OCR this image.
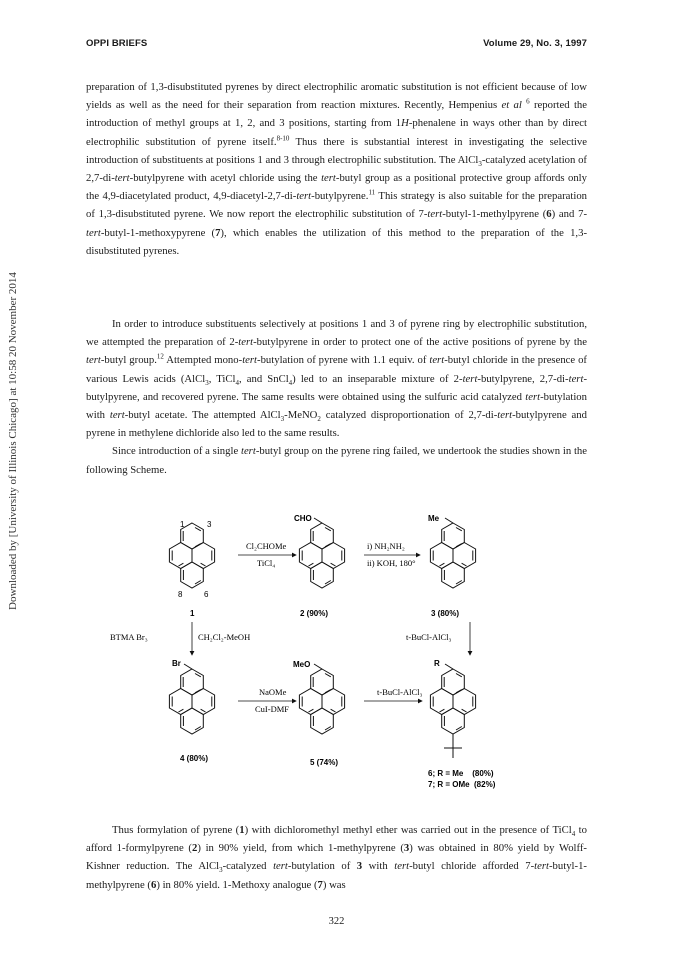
OPPI BRIEFS	Volume 29, No. 3, 1997
Downloaded by [University of Illinois Chicago] at 10:58 20 November 2014

preparation of 1,3-disubstituted pyrenes by direct electrophilic aromatic substitution is not efficient because of low yields as well as the need for their separation from reaction mixtures. Recently, Hempenius et al $^6$ reported the introduction of methyl groups at 1, 2, and 3 positions, starting from 1H-phenalene in ways other than by direct electrophilic substitution of pyrene itself.$^{8-10}$ Thus there is substantial interest in investigating the selective introduction of substituents at positions 1 and 3 through electrophilic substitution. The AlCl$_3$-catalyzed acetylation of 2,7-di-tert-butylpyrene with acetyl chloride using the tert-butyl group as a positional protective group affords only the 4,9-diacetylated product, 4,9-diacetyl-2,7-di-tert-butylpyrene.$^{11}$ This strategy is also suitable for the preparation of 1,3-disubstituted pyrene. We now report the electrophilic substitution of 7-tert-butyl-1-methylpyrene (6) and 7-tert-butyl-1-methoxypyrene (7), which enables the utilization of this method to the preparation of the 1,3-disubstituted pyrenes.

In order to introduce substituents selectively at positions 1 and 3 of pyrene ring by electrophilic substitution, we attempted the preparation of 2-tert-butylpyrene in order to protect one of the active positions of pyrene by the tert-butyl group.$^{12}$ Attempted mono-tert-butylation of pyrene with 1.1 equiv. of tert-butyl chloride in the presence of various Lewis acids (AlCl$_3$, TiCl$_4$, and SnCl$_4$) led to an inseparable mixture of 2-tert-butylpyrene, 2,7-di-tert-butylpyrene, and recovered pyrene. The same results were obtained using the sulfuric acid catalyzed tert-butylation with tert-butyl acetate. The attempted AlCl$_3$-MeNO$_2$ catalyzed disproportionation of 2,7-di-tert-butylpyrene and pyrene in methylene dichloride also led to the same results.

Since introduction of a single tert-butyl group on the pyrene ring failed, we undertook the studies shown in the following Scheme.

1	3
8	6
1
Cl₂CHOMe
TiCl₄
CHO
2 (90%)
i) NH₂NH₂
ii) KOH, 180°
Me
3 (80%)
BTMA Br₃	CH₂Cl₂-MeOH	t-BuCl-AlCl₃
Br
4 (80%)
NaOMe
CuI-DMF
MeO
5 (74%)
t-BuCl-AlCl₃
R
6; R = Me    (80%)
7; R = OMe  (82%)

Thus formylation of pyrene (1) with dichloromethyl methyl ether was carried out in the presence of TiCl$_4$ to afford 1-formylpyrene (2) in 90% yield, from which 1-methylpyrene (3) was obtained in 80% yield by Wolff-Kishner reduction. The AlCl$_3$-catalyzed tert-butylation of 3 with tert-butyl chloride afforded 7-tert-butyl-1-methylpyrene (6) in 80% yield. 1-Methoxy analogue (7) was

322
